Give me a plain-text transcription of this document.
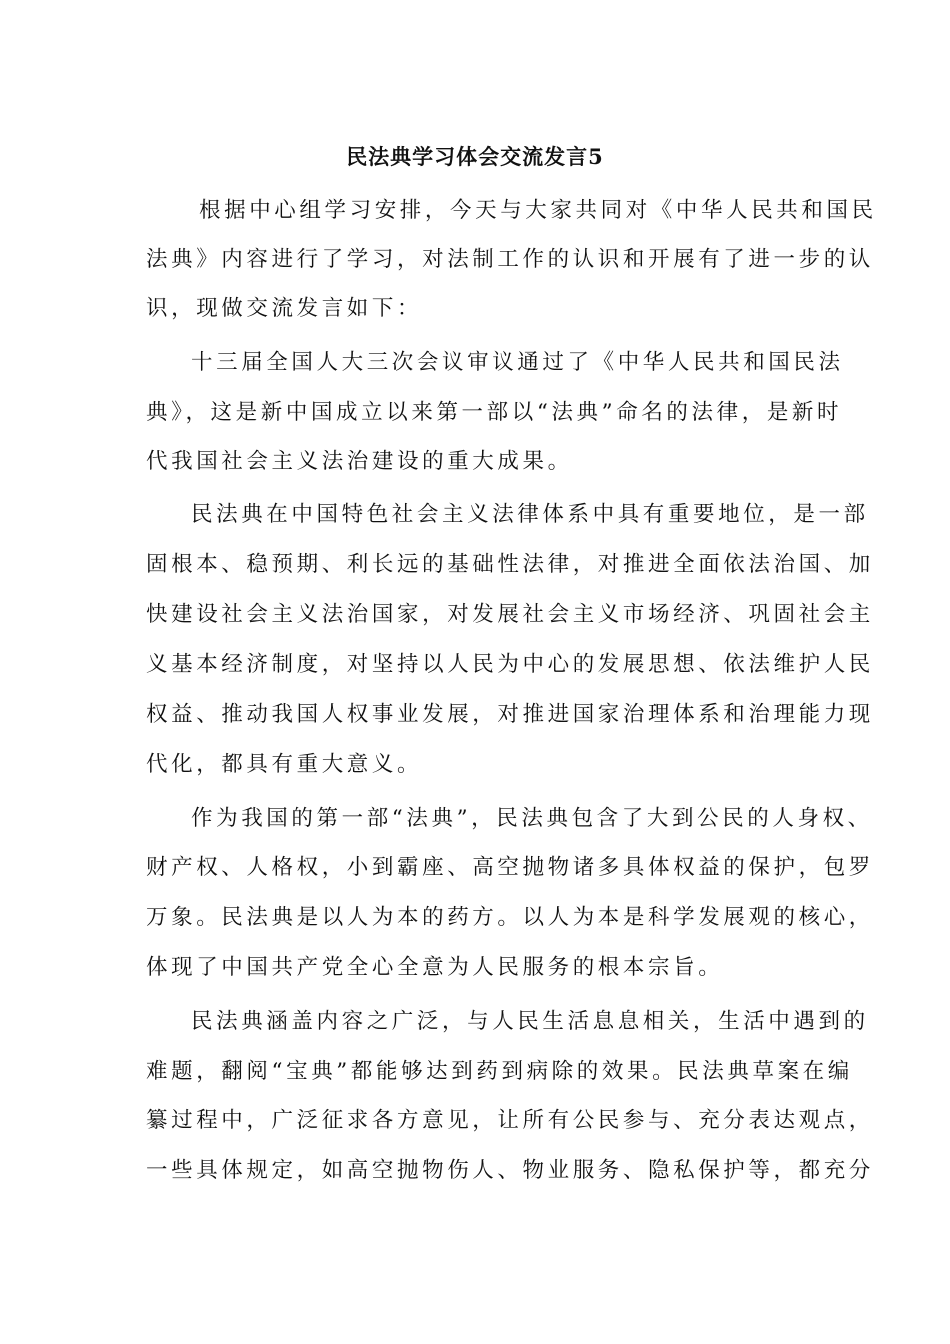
民法典学习体会交流发言5
根据中心组学习安排，今天与大家共同对《中华人民共和国民
法典》内容进行了学习，对法制工作的认识和开展有了进一步的认
识，现做交流发言如下：
十三届全国人大三次会议审议通过了《中华人民共和国民法
典》，这是新中国成立以来第一部以“法典”命名的法律，是新时
代我国社会主义法治建设的重大成果。
民法典在中国特色社会主义法律体系中具有重要地位，是一部
固根本、稳预期、利长远的基础性法律，对推进全面依法治国、加
快建设社会主义法治国家，对发展社会主义市场经济、巩固社会主
义基本经济制度，对坚持以人民为中心的发展思想、依法维护人民
权益、推动我国人权事业发展，对推进国家治理体系和治理能力现
代化，都具有重大意义。
作为我国的第一部“法典”，民法典包含了大到公民的人身权、
财产权、人格权，小到霸座、高空抛物诸多具体权益的保护，包罗
万象。民法典是以人为本的药方。以人为本是科学发展观的核心，
体现了中国共产党全心全意为人民服务的根本宗旨。
民法典涵盖内容之广泛，与人民生活息息相关，生活中遇到的
难题，翻阅“宝典”都能够达到药到病除的效果。民法典草案在编
纂过程中，广泛征求各方意见，让所有公民参与、充分表达观点，
一些具体规定，如高空抛物伤人、物业服务、隐私保护等，都充分
